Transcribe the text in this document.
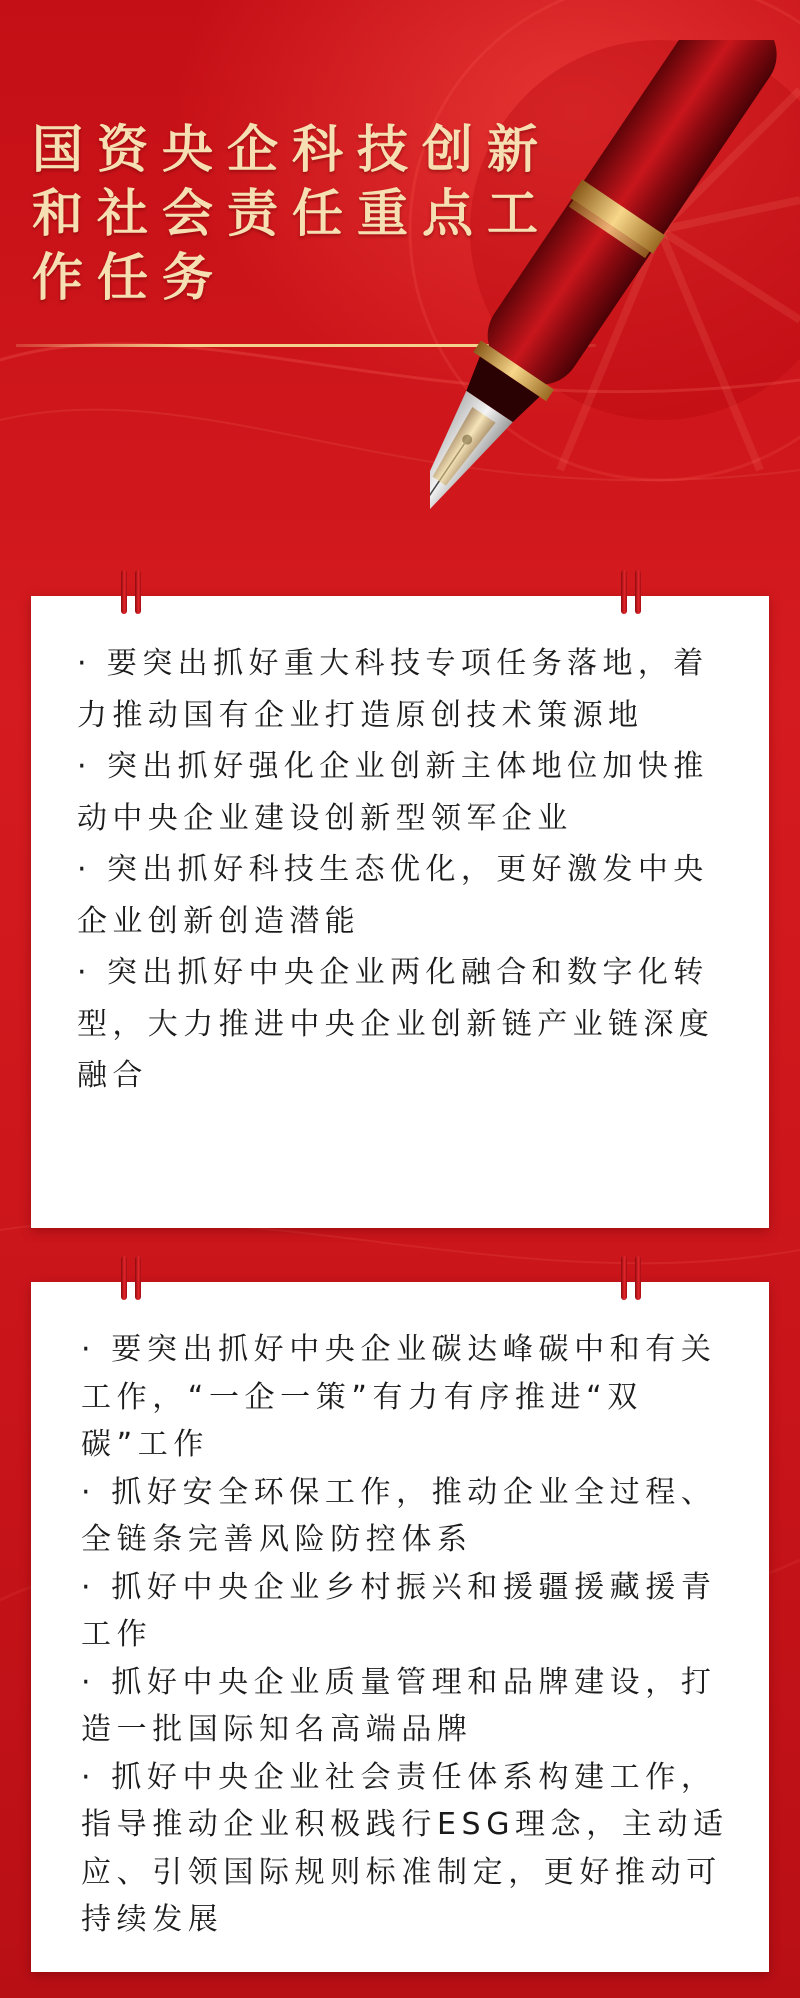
国资央企科技创新
和社会责任重点工
作任务

· 要突出抓好重大科技专项任务落地，着力推动国有企业打造原创技术策源地

· 突出抓好强化企业创新主体地位加快推动中央企业建设创新型领军企业

· 突出抓好科技生态优化，更好激发中央企业创新创造潜能

· 突出抓好中央企业两化融合和数字化转型，大力推进中央企业创新链产业链深度融合

· 要突出抓好中央企业碳达峰碳中和有关工作，“一企一策”有力有序推进“双碳”工作

· 抓好安全环保工作，推动企业全过程、全链条完善风险防控体系

· 抓好中央企业乡村振兴和援疆援藏援青工作

· 抓好中央企业质量管理和品牌建设，打造一批国际知名高端品牌

· 抓好中央企业社会责任体系构建工作，指导推动企业积极践行ESG理念，主动适应、引领国际规则标准制定，更好推动可持续发展
